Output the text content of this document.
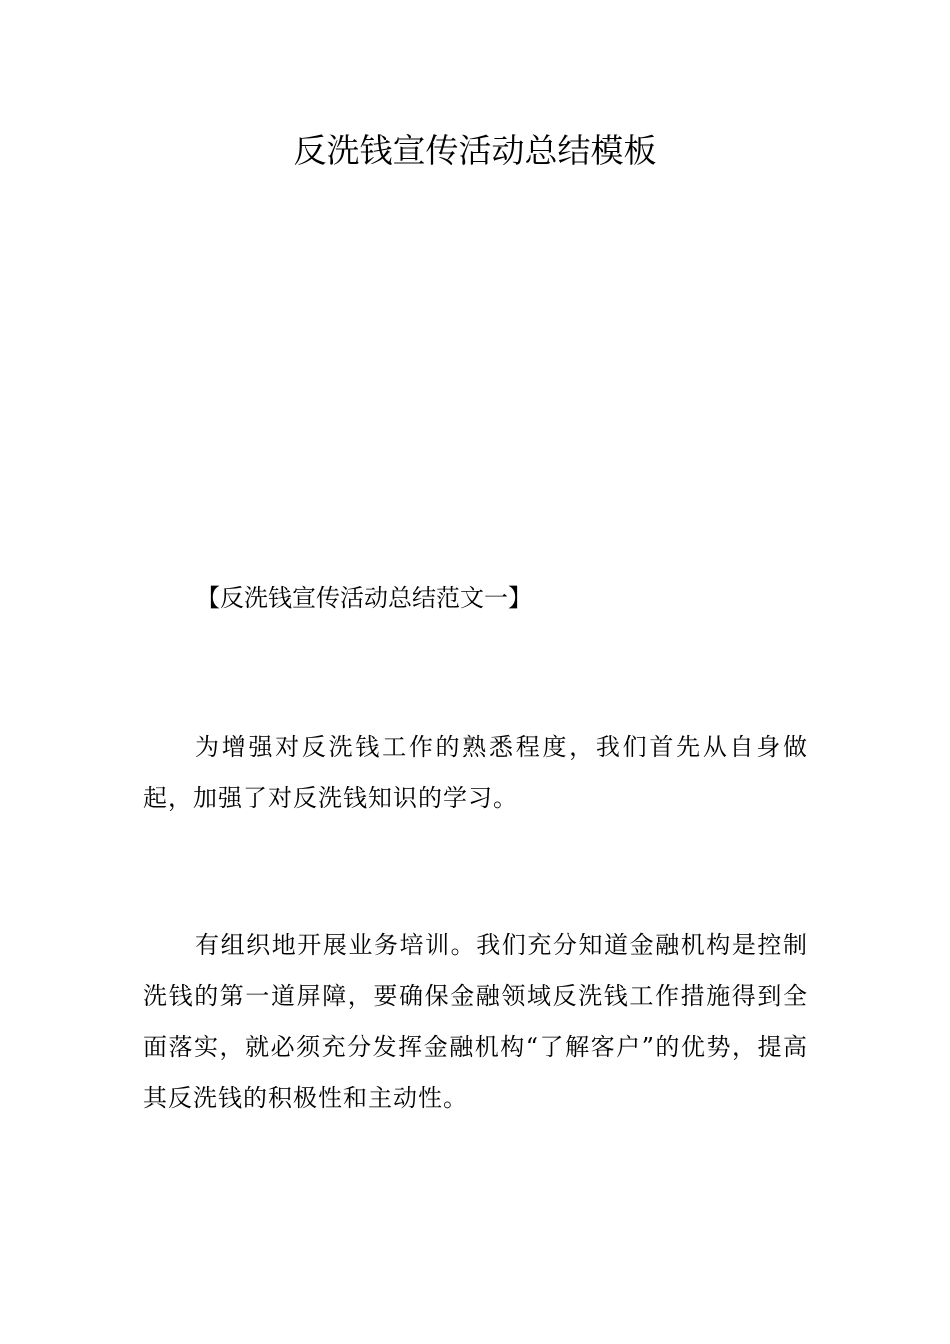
反洗钱宣传活动总结模板

【反洗钱宣传活动总结范文一】

为增强对反洗钱工作的熟悉程度，我们首先从自身做起，加强了对反洗钱知识的学习。

有组织地开展业务培训。我们充分知道金融机构是控制洗钱的第一道屏障，要确保金融领域反洗钱工作措施得到全面落实，就必须充分发挥金融机构“了解客户”的优势，提高其反洗钱的积极性和主动性。
